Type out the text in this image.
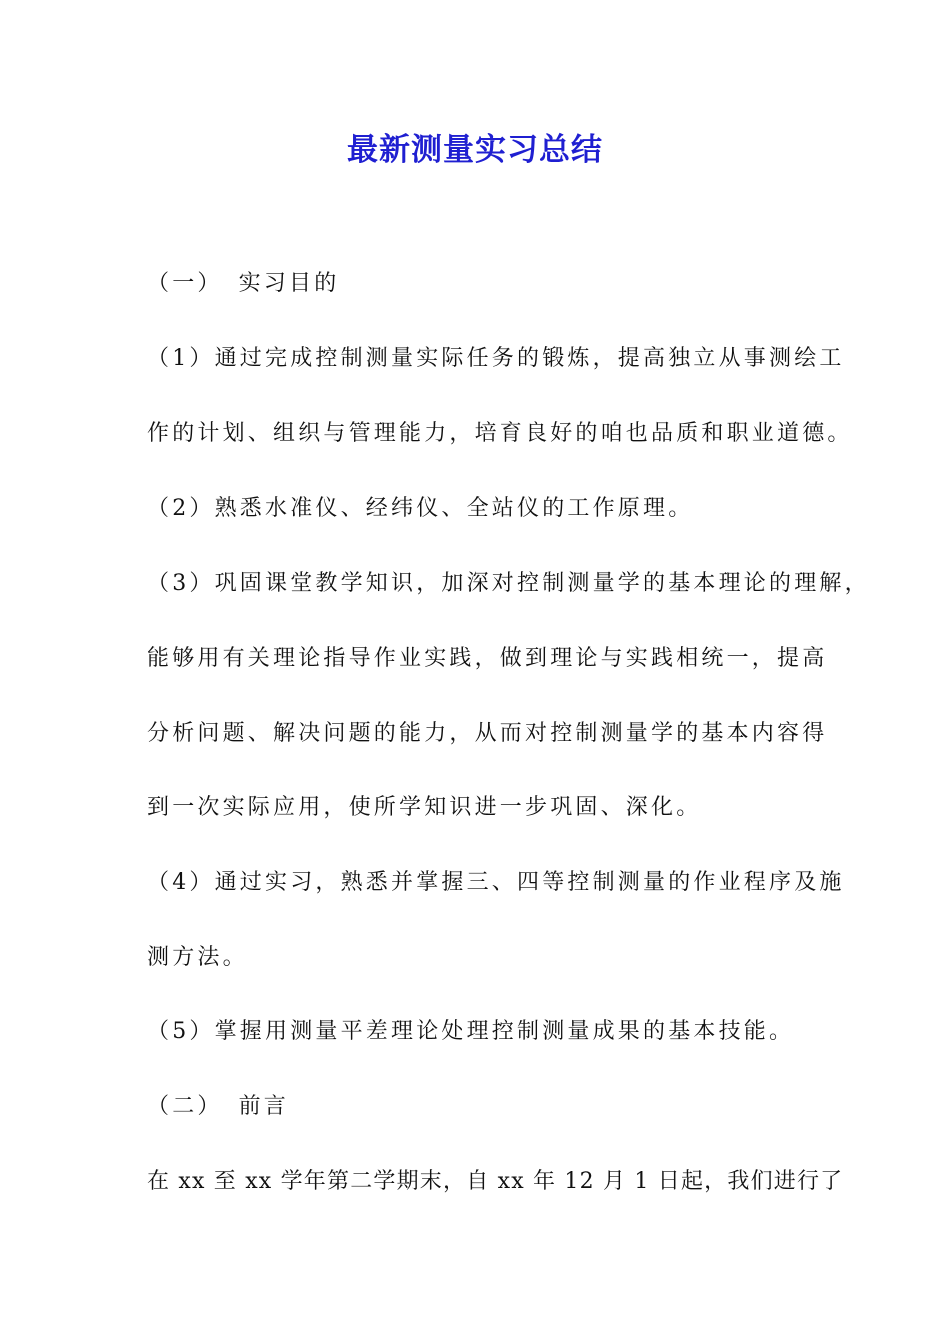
最新测量实习总结

（一） 实习目的

（1）通过完成控制测量实际任务的锻炼，提高独立从事测绘工

作的计划、组织与管理能力，培育良好的咱也品质和职业道德。

（2）熟悉水准仪、经纬仪、全站仪的工作原理。

（3）巩固课堂教学知识，加深对控制测量学的基本理论的理解，

能够用有关理论指导作业实践，做到理论与实践相统一，提高

分析问题、解决问题的能力，从而对控制测量学的基本内容得

到一次实际应用，使所学知识进一步巩固、深化。

（4）通过实习，熟悉并掌握三、四等控制测量的作业程序及施

测方法。

（5）掌握用测量平差理论处理控制测量成果的基本技能。

（二） 前言

在 xx 至 xx 学年第二学期末，自 xx 年 12 月 1 日起，我们进行了
